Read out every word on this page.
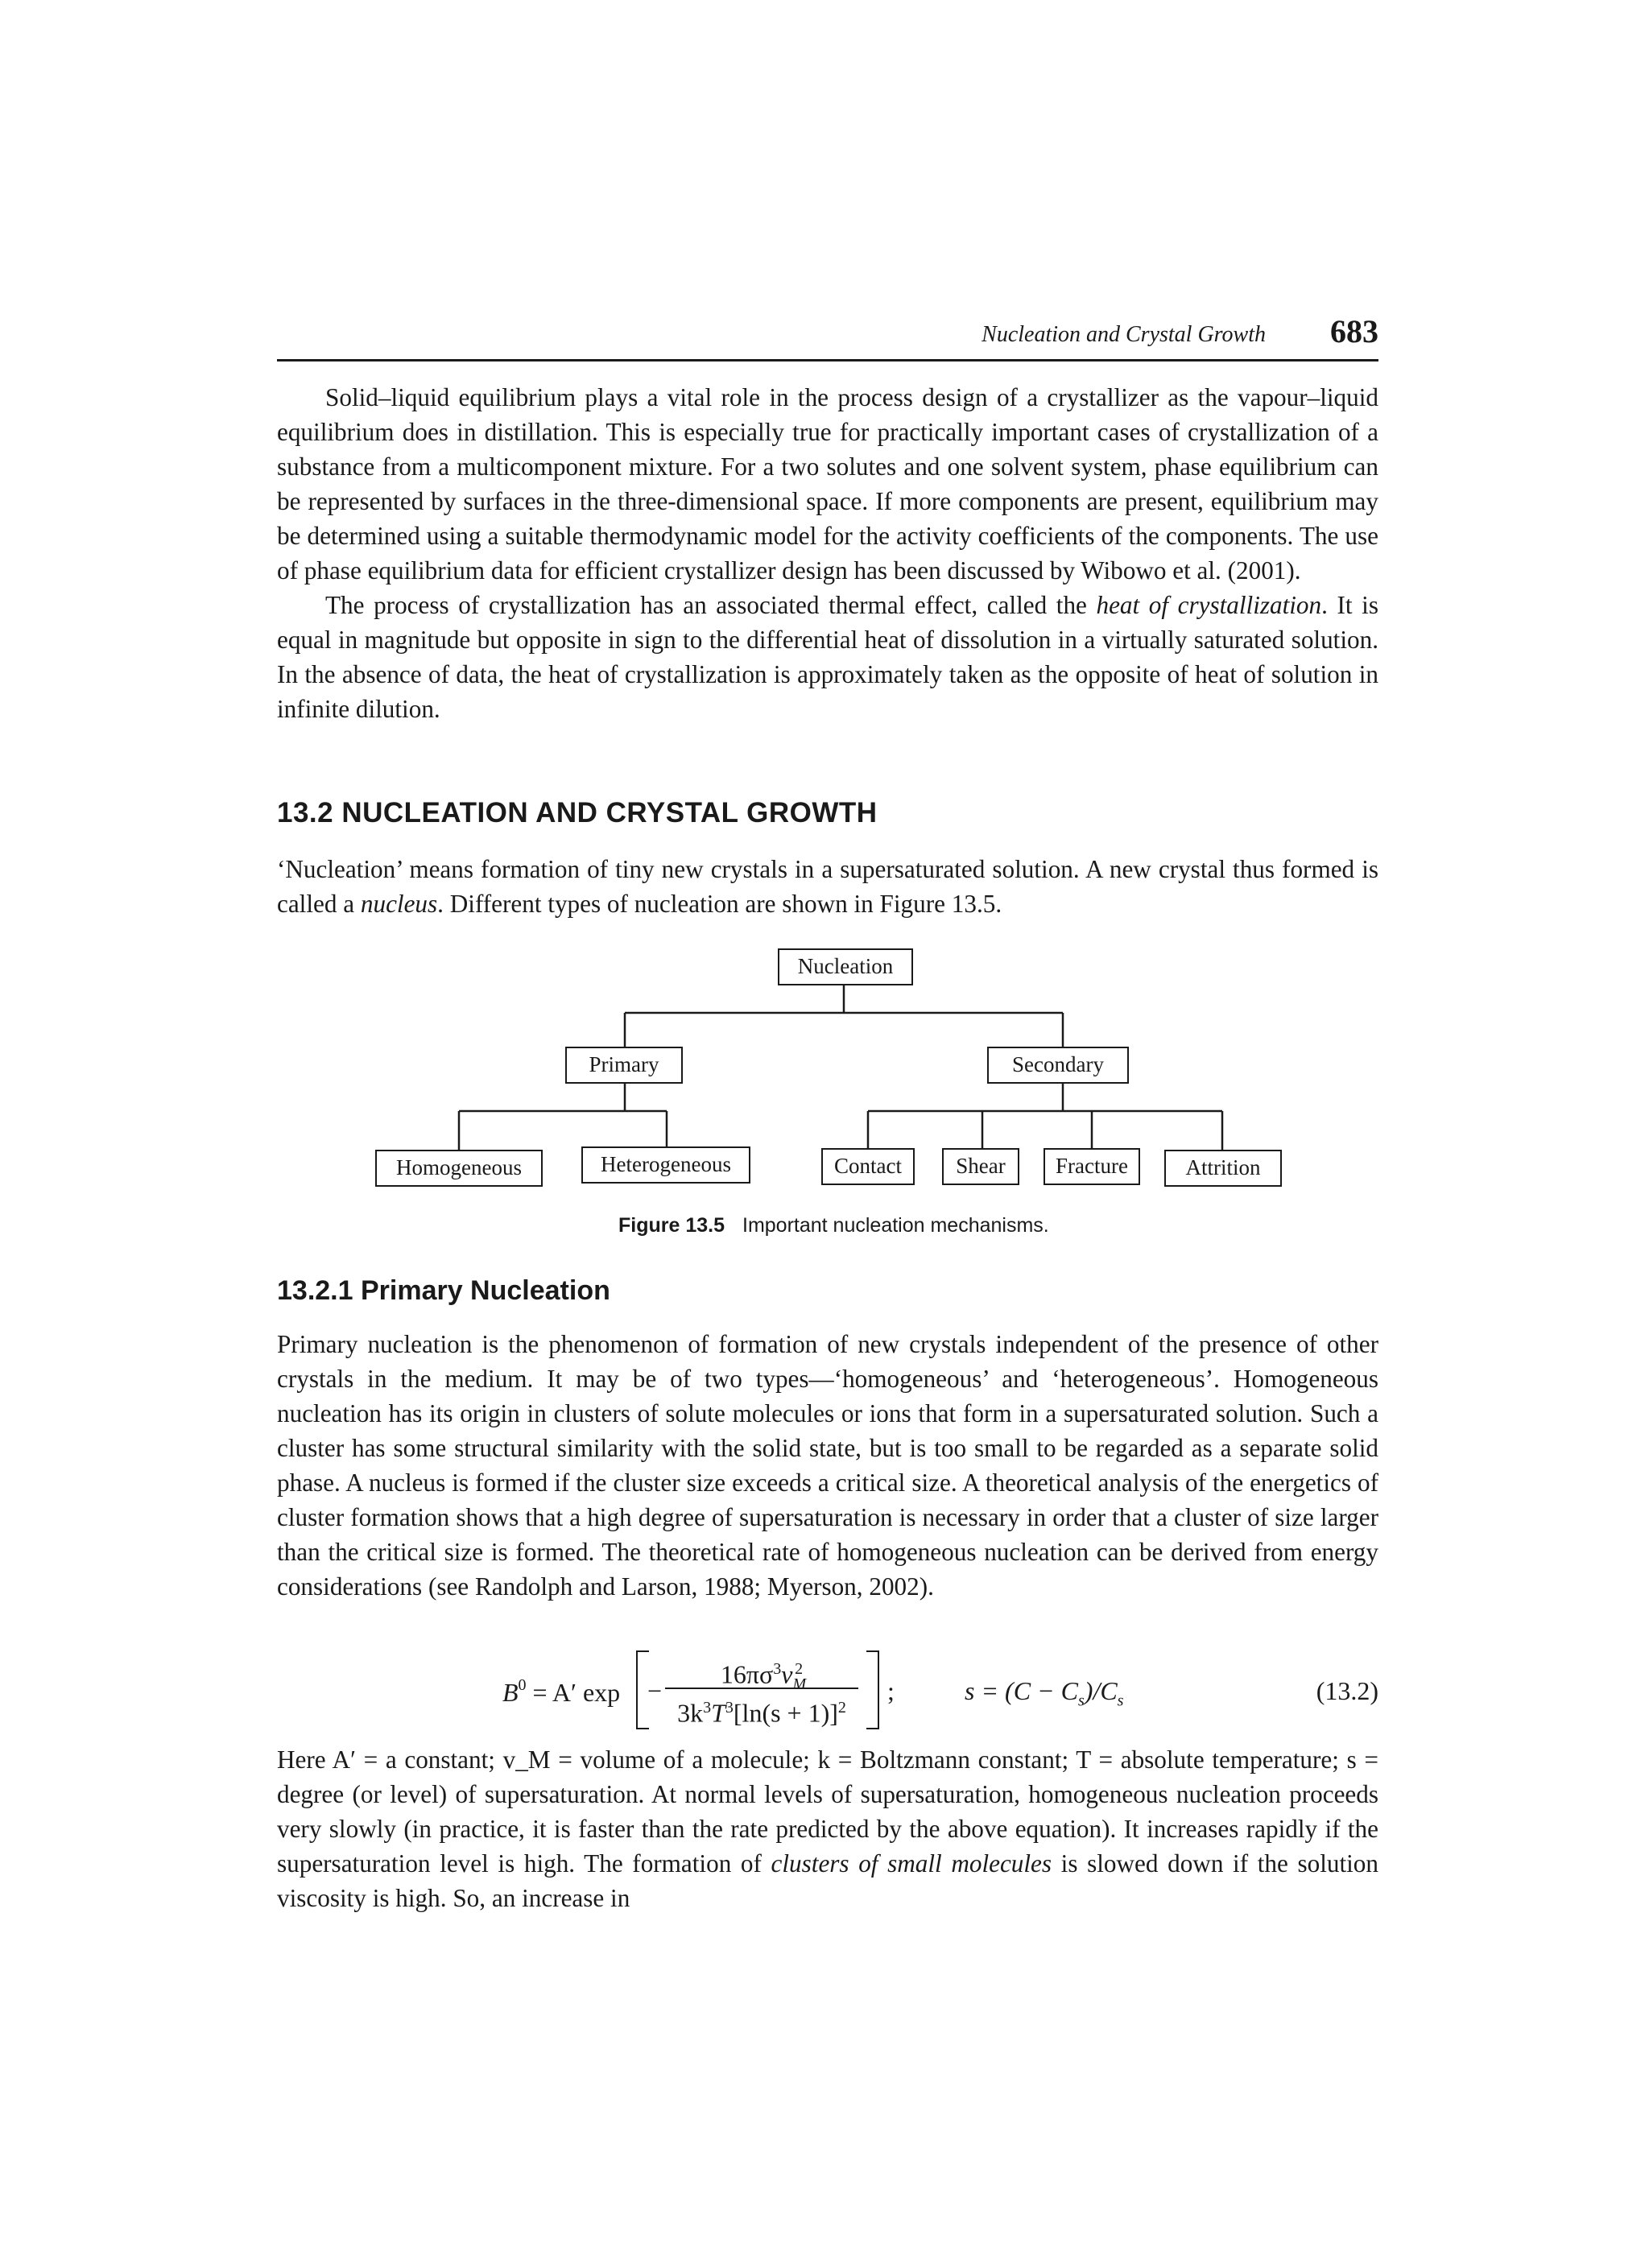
Nucleation and Crystal Growth 683

Solid–liquid equilibrium plays a vital role in the process design of a crystallizer as the vapour–liquid equilibrium does in distillation. This is especially true for practically important cases of crystallization of a substance from a multicomponent mixture. For a two solutes and one solvent system, phase equilibrium can be represented by surfaces in the three-dimensional space. If more components are present, equilibrium may be determined using a suitable thermodynamic model for the activity coefficients of the components. The use of phase equilibrium data for efficient crystallizer design has been discussed by Wibowo et al. (2001).

The process of crystallization has an associated thermal effect, called the heat of crystallization. It is equal in magnitude but opposite in sign to the differential heat of dissolution in a virtually saturated solution. In the absence of data, the heat of crystallization is approximately taken as the opposite of heat of solution in infinite dilution.

13.2 NUCLEATION AND CRYSTAL GROWTH

‘Nucleation’ means formation of tiny new crystals in a supersaturated solution. A new crystal thus formed is called a nucleus. Different types of nucleation are shown in Figure 13.5.

Nucleation
Primary	Secondary
Homogeneous	Heterogeneous	Contact	Shear	Fracture	Attrition
Figure 13.5 Important nucleation mechanisms.
13.2.1 Primary Nucleation

Primary nucleation is the phenomenon of formation of new crystals independent of the presence of other crystals in the medium. It may be of two types—‘homogeneous’ and ‘heterogeneous’. Homogeneous nucleation has its origin in clusters of solute molecules or ions that form in a supersaturated solution. Such a cluster has some structural similarity with the solid state, but is too small to be regarded as a separate solid phase. A nucleus is formed if the cluster size exceeds a critical size. A theoretical analysis of the energetics of cluster formation shows that a high degree of supersaturation is necessary in order that a cluster of size larger than the critical size is formed. The theoretical rate of homogeneous nucleation can be derived from energy considerations (see Randolph and Larson, 1988; Myerson, 2002).

$B^0 = A'$ exp −
$16\pi\sigma^3v_M^2$
$3k^3T^3[\ln(s + 1)]^2$
;	$s = (C - C_s)/C_s$	(13.2)

Here A′ = a constant; v_M = volume of a molecule; k = Boltzmann constant; T = absolute temperature; s = degree (or level) of supersaturation. At normal levels of supersaturation, homogeneous nucleation proceeds very slowly (in practice, it is faster than the rate predicted by the above equation). It increases rapidly if the supersaturation level is high. The formation of clusters of small molecules is slowed down if the solution viscosity is high. So, an increase in
